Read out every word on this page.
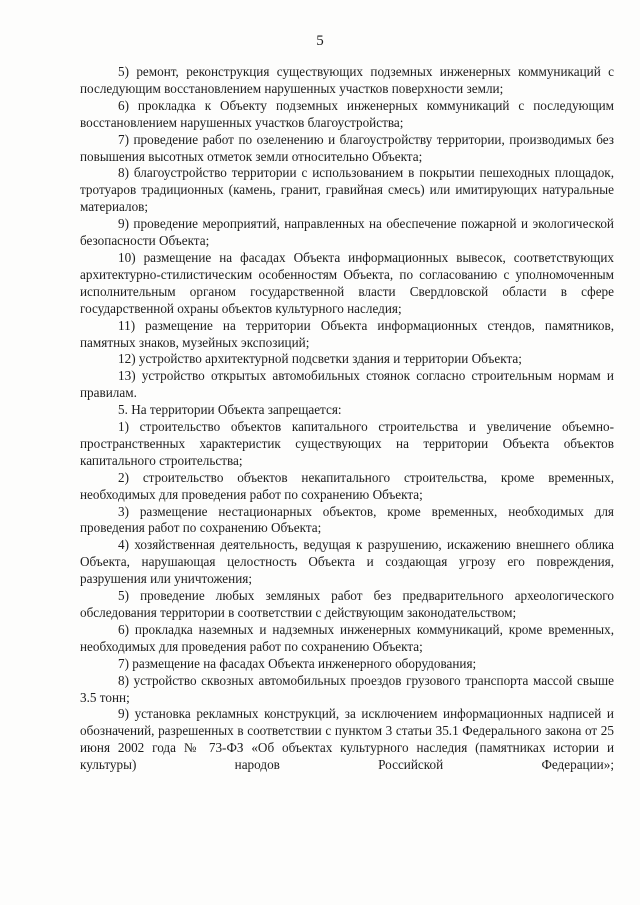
5

5) ремонт, реконструкция существующих подземных инженерных коммуникаций с последующим восстановлением нарушенных участков поверхности земли;

6) прокладка к Объекту подземных инженерных коммуникаций с последующим восстановлением нарушенных участков благоустройства;

7) проведение работ по озеленению и благоустройству территории, производимых без повышения высотных отметок земли относительно Объекта;

8) благоустройство территории с использованием в покрытии пешеходных площадок, тротуаров традиционных (камень, гранит, гравийная смесь) или имитирующих натуральные материалов;

9) проведение мероприятий, направленных на обеспечение пожарной и экологической безопасности Объекта;

10) размещение на фасадах Объекта информационных вывесок, соответствующих архитектурно-стилистическим особенностям Объекта, по согласованию с уполномоченным исполнительным органом государственной власти Свердловской области в сфере государственной охраны объектов культурного наследия;

11) размещение на территории Объекта информационных стендов, памятников, памятных знаков, музейных экспозиций;

12) устройство архитектурной подсветки здания и территории Объекта;

13) устройство открытых автомобильных стоянок согласно строительным нормам и правилам.

5. На территории Объекта запрещается:

1) строительство объектов капитального строительства и увеличение объемно-пространственных характеристик существующих на территории Объекта объектов капитального строительства;

2) строительство объектов некапитального строительства, кроме временных, необходимых для проведения работ по сохранению Объекта;

3) размещение нестационарных объектов, кроме временных, необходимых для проведения работ по сохранению Объекта;

4) хозяйственная деятельность, ведущая к разрушению, искажению внешнего облика Объекта, нарушающая целостность Объекта и создающая угрозу его повреждения, разрушения или уничтожения;

5) проведение любых земляных работ без предварительного археологического обследования территории в соответствии с действующим законодательством;

6) прокладка наземных и надземных инженерных коммуникаций, кроме временных, необходимых для проведения работ по сохранению Объекта;

7) размещение на фасадах Объекта инженерного оборудования;

8) устройство сквозных автомобильных проездов грузового транспорта массой свыше 3.5 тонн;

9) установка рекламных конструкций, за исключением информационных надписей и обозначений, разрешенных в соответствии с пунктом 3 статьи 35.1 Федерального закона от 25 июня 2002 года № 73-ФЗ «Об объектах культурного наследия (памятниках истории и культуры) народов Российской Федерации»;
